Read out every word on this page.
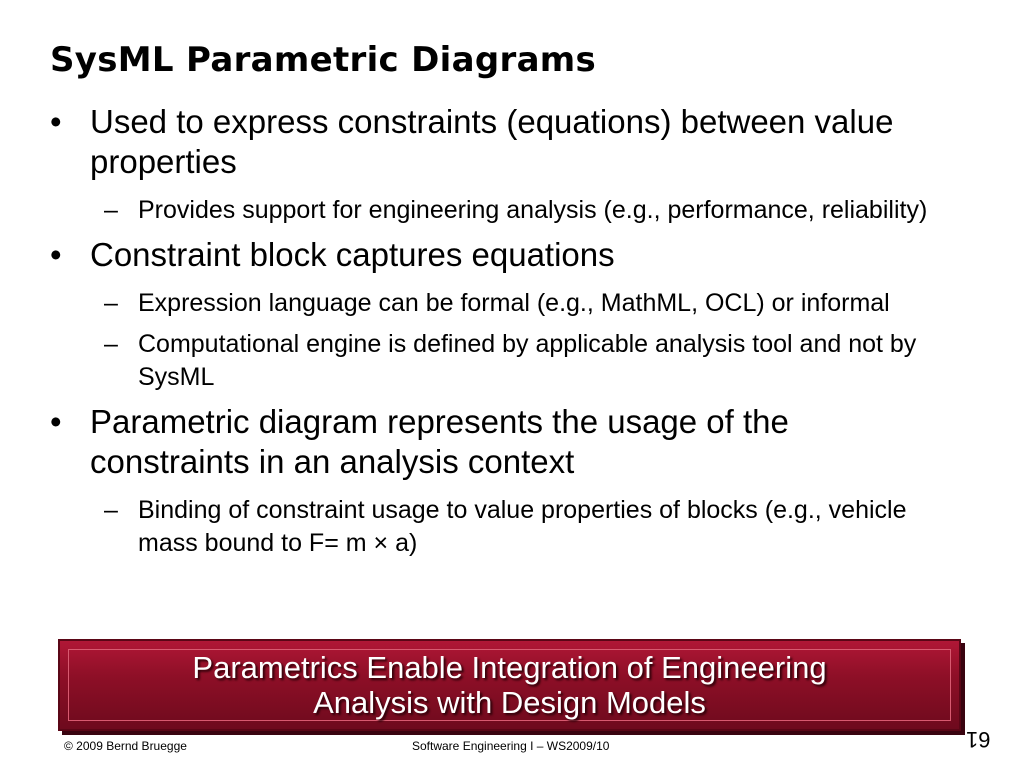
SysML Parametric Diagrams
• Used to express constraints (equations) between value properties
– Provides support for engineering analysis (e.g., performance, reliability)
• Constraint block captures equations
– Expression language can be formal (e.g., MathML, OCL) or informal
– Computational engine is defined by applicable analysis tool and not by SysML
• Parametric diagram represents the usage of the constraints in an analysis context
– Binding of constraint usage to value properties of blocks (e.g., vehicle mass bound to F= m × a)
Parametrics Enable Integration of Engineering
Analysis with Design Models
© 2009 Bernd Bruegge	Software Engineering I – WS2009/10	61
